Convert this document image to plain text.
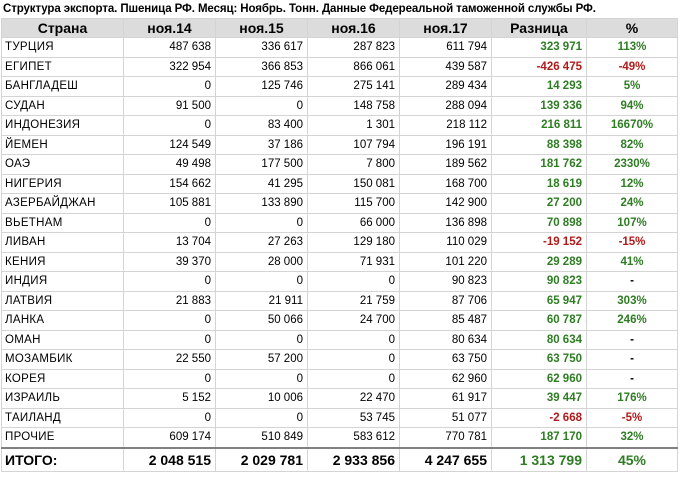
Структура экспорта. Пшеница РФ. Месяц: Ноябрь. Тонн. Данные Федереальной таможенной службы РФ.
Страна	ноя.14	ноя.15	ноя.16	ноя.17	Разница	%
ТУРЦИЯ	487 638	336 617	287 823	611 794	323 971	113%
ЕГИПЕТ	322 954	366 853	866 061	439 587	-426 475	-49%
БАНГЛАДЕШ	0	125 746	275 141	289 434	14 293	5%
СУДАН	91 500	0	148 758	288 094	139 336	94%
ИНДОНЕЗИЯ	0	83 400	1 301	218 112	216 811	16670%
ЙЕМЕН	124 549	37 186	107 794	196 191	88 398	82%
ОАЭ	49 498	177 500	7 800	189 562	181 762	2330%
НИГЕРИЯ	154 662	41 295	150 081	168 700	18 619	12%
АЗЕРБАЙДЖАН	105 881	133 890	115 700	142 900	27 200	24%
ВЬЕТНАМ	0	0	66 000	136 898	70 898	107%
ЛИВАН	13 704	27 263	129 180	110 029	-19 152	-15%
КЕНИЯ	39 370	28 000	71 931	101 220	29 289	41%
ИНДИЯ	0	0	0	90 823	90 823	-
ЛАТВИЯ	21 883	21 911	21 759	87 706	65 947	303%
ЛАНКА	0	50 066	24 700	85 487	60 787	246%
ОМАН	0	0	0	80 634	80 634	-
МОЗАМБИК	22 550	57 200	0	63 750	63 750	-
КОРЕЯ	0	0	0	62 960	62 960	-
ИЗРАИЛЬ	5 152	10 006	22 470	61 917	39 447	176%
ТАИЛАНД	0	0	53 745	51 077	-2 668	-5%
ПРОЧИЕ	609 174	510 849	583 612	770 781	187 170	32%
ИТОГО:	2 048 515	2 029 781	2 933 856	4 247 655	1 313 799	45%
